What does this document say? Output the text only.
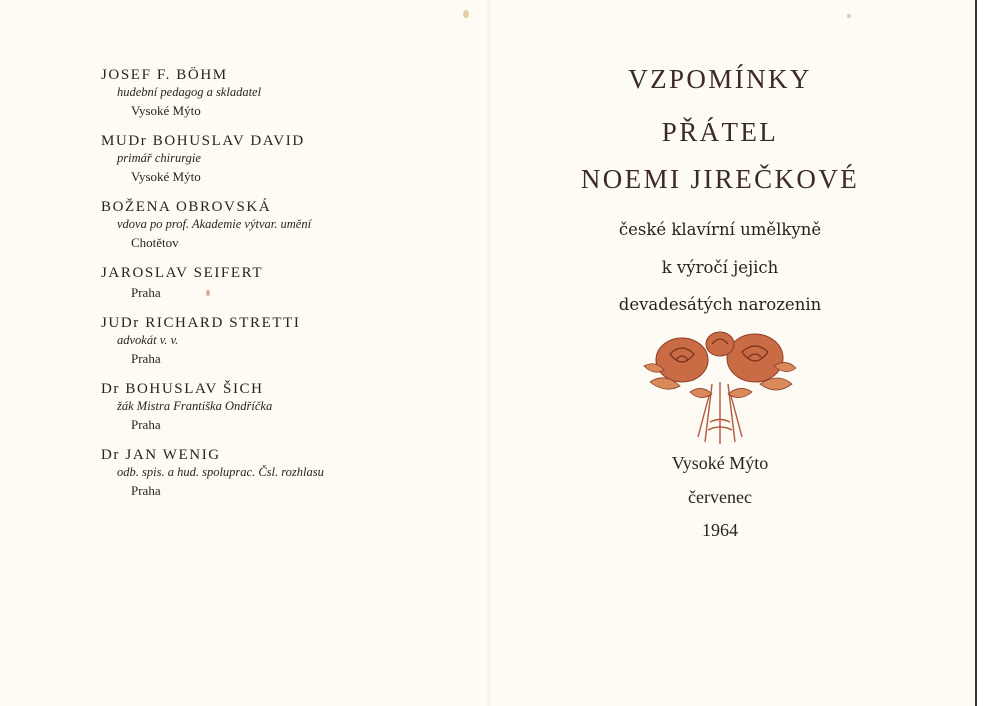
JOSEF F. BÖHM
hudební pedagog a skladatel
Vysoké Mýto
MUDr BOHUSLAV DAVID
primář chirurgie
Vysoké Mýto
BOŽENA OBROVSKÁ
vdova po prof. Akademie výtvar. umění
Chotětov
JAROSLAV SEIFERT
Praha
JUDr RICHARD STRETTI
advokát v. v.
Praha
Dr BOHUSLAV ŠICH
žák Mistra Františka Ondříčka
Praha
Dr JAN WENIG
odb. spis. a hud. spoluprac. Čsl. rozhlasu
Praha
VZPOMÍNKY
PŘÁTEL
NOEMI JIREČKOVÉ
české klavírní umělkyně
k výročí jejich
devadesátých narozenin
Vysoké Mýto
červenec
1964
